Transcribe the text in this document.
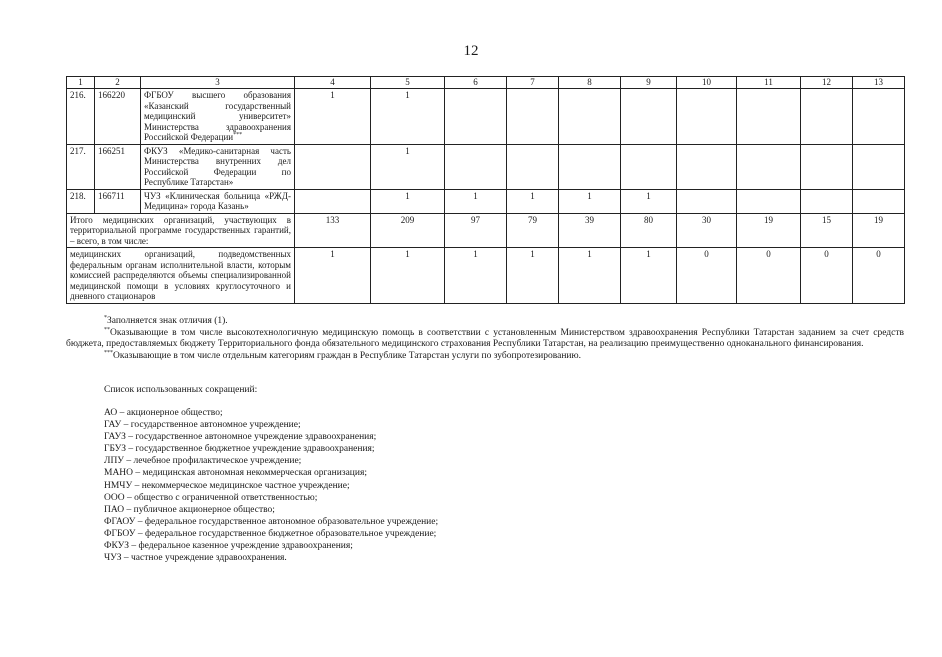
12
1	2	3	4	5	6	7	8	9	10	11	12	13
216.	166220	ФГБОУ высшего образования «Казанский государственный медицинский университет» Министерства здравоохранения Российской Федерации***	1	1								
217.	166251	ФКУЗ «Медико-санитарная часть Министерства внутренних дел Российской Федерации по Республике Татарстан»		1								
218.	166711	ЧУЗ «Клиническая больница «РЖД-Медицина» города Казань»		1	1	1	1	1				
Итого медицинских организаций, участвующих в территориальной программе государственных гарантий, – всего, в том числе:			133	209	97	79	39	80	30	19	15	19
медицинских организаций, подведомственных федеральным органам исполнительной власти, которым комиссией распределяются объемы специализированной медицинской помощи в условиях круглосуточного и дневного стационаров			1	1	1	1	1	1	0	0	0	0

*Заполняется знак отличия (1).

**Оказывающие в том числе высокотехнологичную медицинскую помощь в соответствии с установленным Министерством здравоохранения Республики Татарстан заданием за счет средств бюджета, предоставляемых бюджету Территориального фонда обязательного медицинского страхования Республики Татарстан, на реализацию преимущественно одноканального финансирования.

***Оказывающие в том числе отдельным категориям граждан в Республике Татарстан услуги по зубопротезированию.

Список использованных сокращений:
АО – акционерное общество;
ГАУ – государственное автономное учреждение;
ГАУЗ – государственное автономное учреждение здравоохранения;
ГБУЗ – государственное бюджетное учреждение здравоохранения;
ЛПУ – лечебное профилактическое учреждение;
МАНО – медицинская автономная некоммерческая организация;
НМЧУ – некоммерческое медицинское частное учреждение;
ООО – общество с ограниченной ответственностью;
ПАО – публичное акционерное общество;
ФГАОУ – федеральное государственное автономное образовательное учреждение;
ФГБОУ – федеральное государственное бюджетное образовательное учреждение;
ФКУЗ – федеральное казенное учреждение здравоохранения;
ЧУЗ – частное учреждение здравоохранения.
